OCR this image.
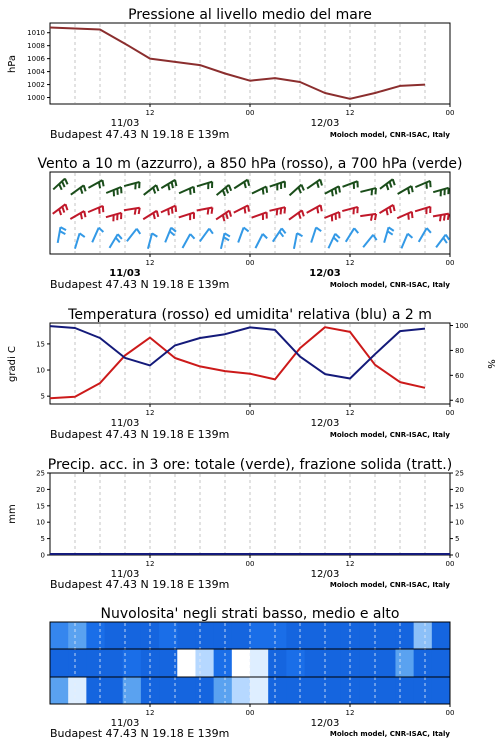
Pressione al livello medio del mare
1010
1008
1006
1004
1002
1000
12	00	12	00
11/03	12/03
hPa
Budapest 47.43 N 19.18 E 139m	Moloch model, CNR-ISAC, Italy
Vento a 10 m (azzurro), a 850 hPa (rosso), a 700 hPa (verde)
12	00	12	00
11/03	12/03
Budapest 47.43 N 19.18 E 139m	Moloch model, CNR-ISAC, Italy
Temperatura (rosso) ed umidita' relativa (blu) a 2 m
15
10
5
100
80
60
40
12	00	12	00
11/03	12/03
gradi C	%
Budapest 47.43 N 19.18 E 139m	Moloch model, CNR-ISAC, Italy
Precip. acc. in 3 ore: totale (verde), frazione solida (tratt.)
25
20
15
10
5
0
25
20
15
10
5
0
12	00	12	00
11/03	12/03
mm
Budapest 47.43 N 19.18 E 139m	Moloch model, CNR-ISAC, Italy
Nuvolosita' negli strati basso, medio e alto
12	00	12	00
11/03	12/03
Budapest 47.43 N 19.18 E 139m	Moloch model, CNR-ISAC, Italy
